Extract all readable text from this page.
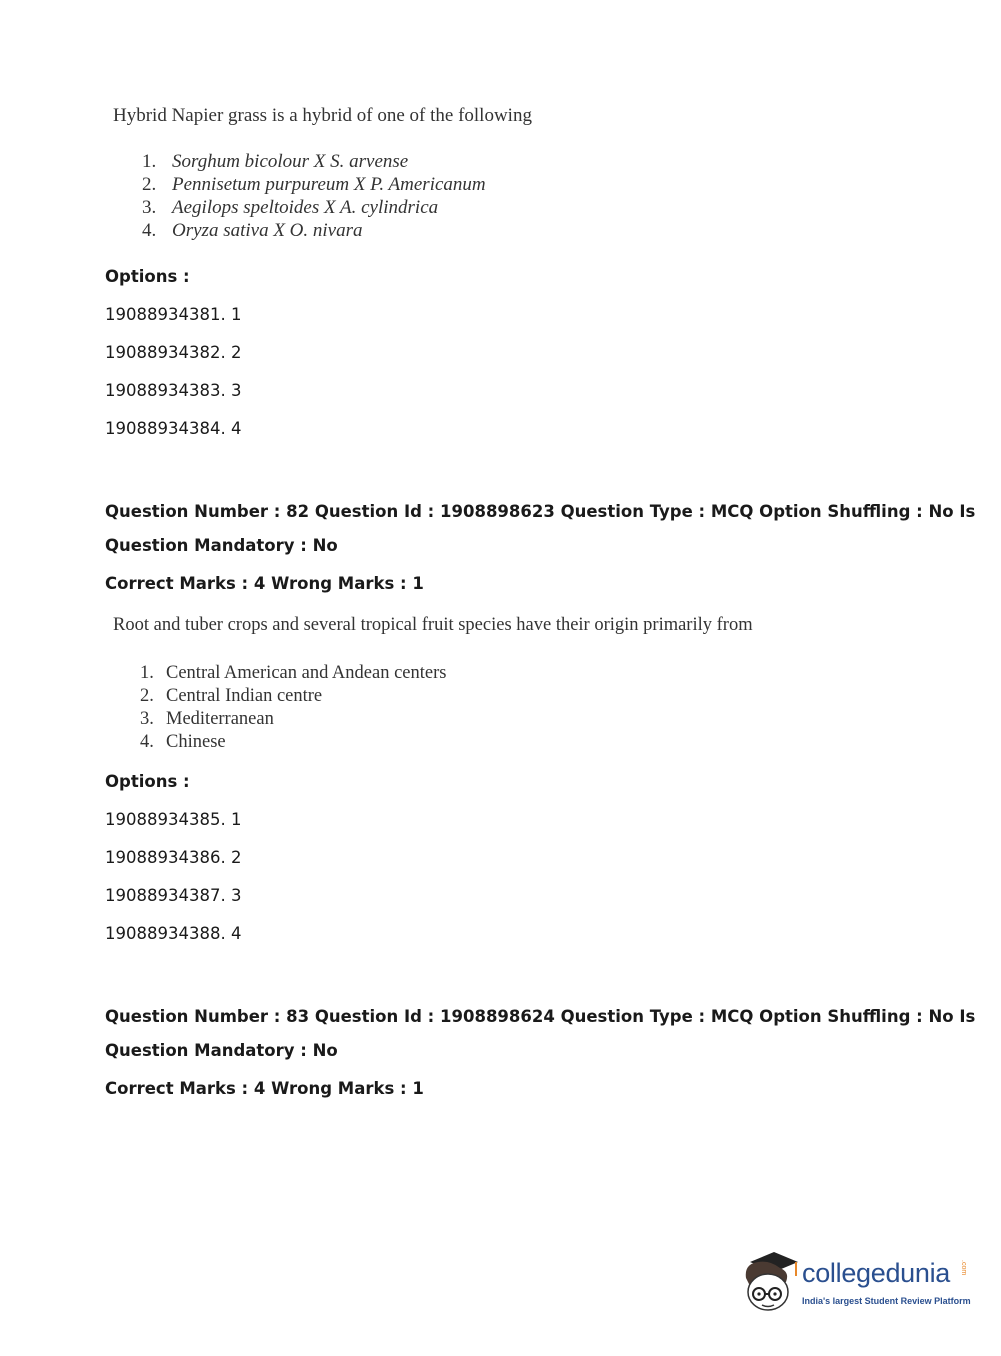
Hybrid Napier grass is a hybrid of one of the following
1. Sorghum bicolour X S. arvense
2. Pennisetum purpureum X P. Americanum
3. Aegilops speltoides X A. cylindrica
4. Oryza sativa X O. nivara
Options :
19088934381. 1
19088934382. 2
19088934383. 3
19088934384. 4
Question Number : 82 Question Id : 1908898623 Question Type : MCQ Option Shuffling : No Is
Question Mandatory : No
Correct Marks : 4 Wrong Marks : 1
Root and tuber crops and several tropical fruit species have their origin primarily from
1. Central American and Andean centers
2. Central Indian centre
3. Mediterranean
4. Chinese
Options :
19088934385. 1
19088934386. 2
19088934387. 3
19088934388. 4
Question Number : 83 Question Id : 1908898624 Question Type : MCQ Option Shuffling : No Is
Question Mandatory : No
Correct Marks : 4 Wrong Marks : 1
collegedunia .com
India's largest Student Review Platform
